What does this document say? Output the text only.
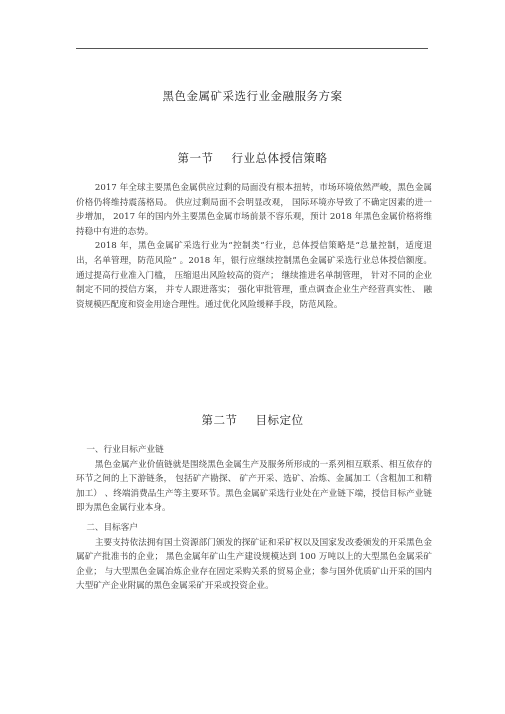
黑色金属矿采选行业金融服务方案
第一节 行业总体授信策略

2017 年全球主要黑色金属供应过剩的局面没有根本扭转，市场环境依然严峻，黑色金属价格仍将维持震荡格局。 供应过剩局面不会明显改观， 国际环境亦导致了不确定因素的进一步增加， 2017 年的国内外主要黑色金属市场前景不容乐观，预计 2018 年黑色金属价格将维持稳中有进的态势。

2018 年，黑色金属矿采选行业为“控制类”行业，总体授信策略是“总量控制，适度退出，名单管理，防范风险” 。2018 年，银行应继续控制黑色金属矿采选行业总体授信额度。 通过提高行业准入门槛， 压缩退出风险较高的资产； 继续推进名单制管理， 针对不同的企业制定不同的授信方案， 并专人跟进落实； 强化审批管理，重点调查企业生产经营真实性、 融资规模匹配度和资金用途合理性。通过优化风险缓释手段，防范风险。

第二节 目标定位

一、行业目标产业链

黑色金属产业价值链就是围绕黑色金属生产及服务所形成的一系列相互联系、相互依存的环节之间的上下游链条， 包括矿产勘探、 矿产开采、选矿、冶炼、金属加工（含粗加工和精加工） 、终端消费品生产等主要环节。黑色金属矿采选行业处在产业链下端，授信目标产业链即为黑色金属行业本身。

二、目标客户

主要支持依法拥有国土资源部门颁发的探矿证和采矿权以及国家发改委颁发的开采黑色金属矿产批准书的企业； 黑色金属年矿山生产建设规模达到 100 万吨以上的大型黑色金属采矿企业； 与大型黑色金属冶炼企业存在固定采购关系的贸易企业；参与国外优质矿山开采的国内大型矿产企业附属的黑色金属采矿开采或投资企业。
